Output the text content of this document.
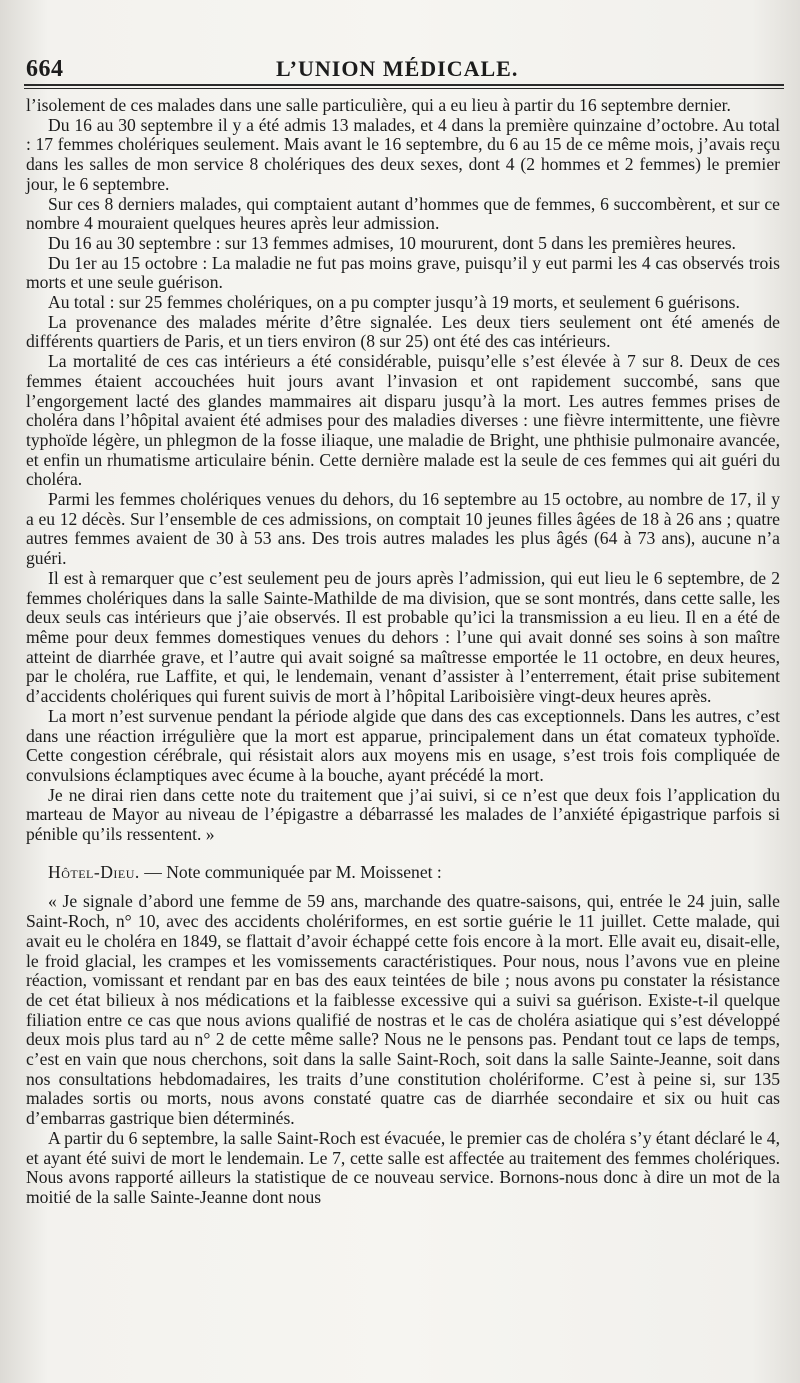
664	L’UNION MÉDICALE.

l’isolement de ces malades dans une salle particulière, qui a eu lieu à partir du 16 septembre dernier.

Du 16 au 30 septembre il y a été admis 13 malades, et 4 dans la première quinzaine d’octobre. Au total : 17 femmes cholériques seulement. Mais avant le 16 septembre, du 6 au 15 de ce même mois, j’avais reçu dans les salles de mon service 8 cholériques des deux sexes, dont 4 (2 hommes et 2 femmes) le premier jour, le 6 septembre.

Sur ces 8 derniers malades, qui comptaient autant d’hommes que de femmes, 6 succombèrent, et sur ce nombre 4 mouraient quelques heures après leur admission.

Du 16 au 30 septembre : sur 13 femmes admises, 10 moururent, dont 5 dans les premières heures.

Du 1er au 15 octobre : La maladie ne fut pas moins grave, puisqu’il y eut parmi les 4 cas observés trois morts et une seule guérison.

Au total : sur 25 femmes cholériques, on a pu compter jusqu’à 19 morts, et seulement 6 guérisons.

La provenance des malades mérite d’être signalée. Les deux tiers seulement ont été amenés de différents quartiers de Paris, et un tiers environ (8 sur 25) ont été des cas intérieurs.

La mortalité de ces cas intérieurs a été considérable, puisqu’elle s’est élevée à 7 sur 8. Deux de ces femmes étaient accouchées huit jours avant l’invasion et ont rapidement succombé, sans que l’engorgement lacté des glandes mammaires ait disparu jusqu’à la mort. Les autres femmes prises de choléra dans l’hôpital avaient été admises pour des maladies diverses : une fièvre intermittente, une fièvre typhoïde légère, un phlegmon de la fosse iliaque, une maladie de Bright, une phthisie pulmonaire avancée, et enfin un rhumatisme articulaire bénin. Cette dernière malade est la seule de ces femmes qui ait guéri du choléra.

Parmi les femmes cholériques venues du dehors, du 16 septembre au 15 octobre, au nombre de 17, il y a eu 12 décès. Sur l’ensemble de ces admissions, on comptait 10 jeunes filles âgées de 18 à 26 ans ; quatre autres femmes avaient de 30 à 53 ans. Des trois autres malades les plus âgés (64 à 73 ans), aucune n’a guéri.

Il est à remarquer que c’est seulement peu de jours après l’admission, qui eut lieu le 6 septembre, de 2 femmes cholériques dans la salle Sainte-Mathilde de ma division, que se sont montrés, dans cette salle, les deux seuls cas intérieurs que j’aie observés. Il est probable qu’ici la transmission a eu lieu. Il en a été de même pour deux femmes domestiques venues du dehors : l’une qui avait donné ses soins à son maître atteint de diarrhée grave, et l’autre qui avait soigné sa maîtresse emportée le 11 octobre, en deux heures, par le choléra, rue Laffite, et qui, le lendemain, venant d’assister à l’enterrement, était prise subitement d’accidents cholériques qui furent suivis de mort à l’hôpital Lariboisière vingt-deux heures après.

La mort n’est survenue pendant la période algide que dans des cas exceptionnels. Dans les autres, c’est dans une réaction irrégulière que la mort est apparue, principalement dans un état comateux typhoïde. Cette congestion cérébrale, qui résistait alors aux moyens mis en usage, s’est trois fois compliquée de convulsions éclamptiques avec écume à la bouche, ayant précédé la mort.

Je ne dirai rien dans cette note du traitement que j’ai suivi, si ce n’est que deux fois l’application du marteau de Mayor au niveau de l’épigastre a débarrassé les malades de l’anxiété épigastrique parfois si pénible qu’ils ressentent. »

Hôtel-Dieu. — Note communiquée par M. Moissenet :

« Je signale d’abord une femme de 59 ans, marchande des quatre-saisons, qui, entrée le 24 juin, salle Saint-Roch, n° 10, avec des accidents cholériformes, en est sortie guérie le 11 juillet. Cette malade, qui avait eu le choléra en 1849, se flattait d’avoir échappé cette fois encore à la mort. Elle avait eu, disait-elle, le froid glacial, les crampes et les vomissements caractéristiques. Pour nous, nous l’avons vue en pleine réaction, vomissant et rendant par en bas des eaux teintées de bile ; nous avons pu constater la résistance de cet état bilieux à nos médications et la faiblesse excessive qui a suivi sa guérison. Existe-t-il quelque filiation entre ce cas que nous avions qualifié de nostras et le cas de choléra asiatique qui s’est développé deux mois plus tard au n° 2 de cette même salle? Nous ne le pensons pas. Pendant tout ce laps de temps, c’est en vain que nous cherchons, soit dans la salle Saint-Roch, soit dans la salle Sainte-Jeanne, soit dans nos consultations hebdomadaires, les traits d’une constitution cholériforme. C’est à peine si, sur 135 malades sortis ou morts, nous avons constaté quatre cas de diarrhée secondaire et six ou huit cas d’embarras gastrique bien déterminés.

A partir du 6 septembre, la salle Saint-Roch est évacuée, le premier cas de choléra s’y étant déclaré le 4, et ayant été suivi de mort le lendemain. Le 7, cette salle est affectée au traitement des femmes cholériques. Nous avons rapporté ailleurs la statistique de ce nouveau service. Bornons-nous donc à dire un mot de la moitié de la salle Sainte-Jeanne dont nous
